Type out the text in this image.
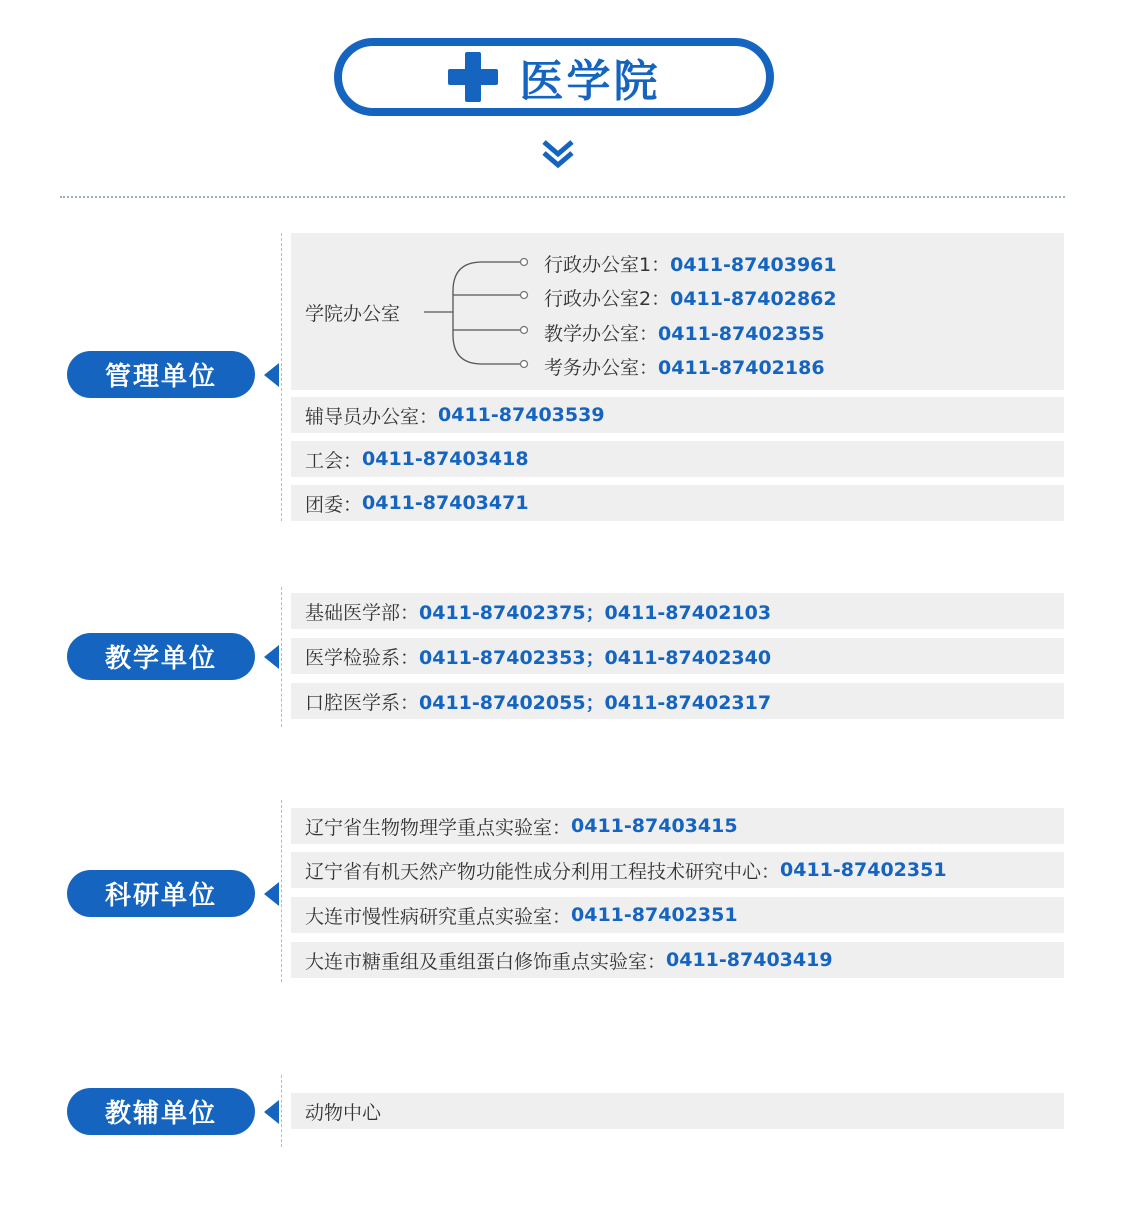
医学院
管理单位
学院办公室
行政办公室1：0411-87403961
行政办公室2：0411-87402862
教学办公室：0411-87402355
考务办公室：0411-87402186
辅导员办公室： 0411-87403539
工会： 0411-87403418
团委： 0411-87403471
教学单位
基础医学部： 0411-87402375；0411-87402103
医学检验系： 0411-87402353；0411-87402340
口腔医学系： 0411-87402055；0411-87402317
科研单位
辽宁省生物物理学重点实验室： 0411-87403415
辽宁省有机天然产物功能性成分利用工程技术研究中心： 0411-87402351
大连市慢性病研究重点实验室： 0411-87402351
大连市糖重组及重组蛋白修饰重点实验室： 0411-87403419
教辅单位	动物中心
